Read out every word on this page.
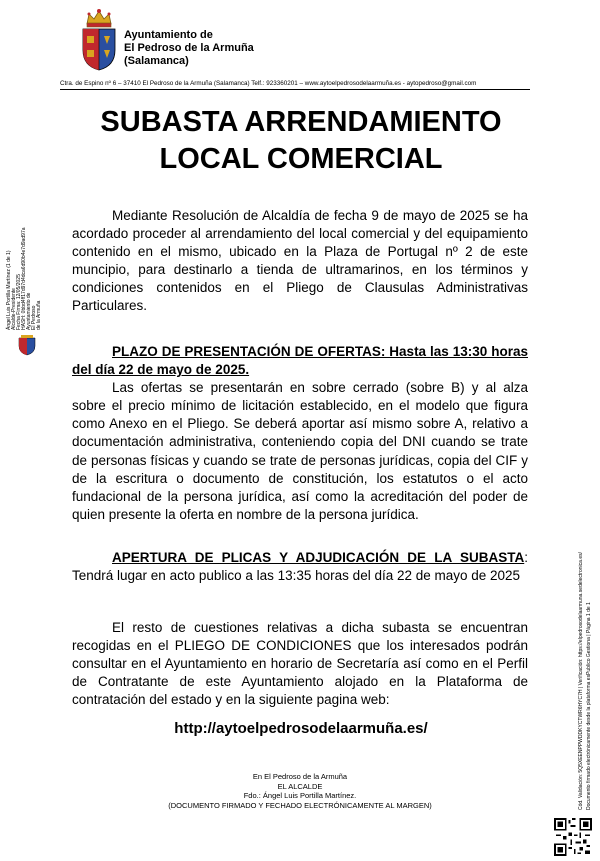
Ayuntamiento de
El Pedroso de la Armuña
(Salamanca)
Ctra. de Espino nº 6 – 37410 El Pedroso de la Armuña (Salamanca) Telf.: 923360201 – www.aytoelpedrosodelaarmuña.es - aytopedroso@gmail.com
SUBASTA ARRENDAMIENTO
LOCAL COMERCIAL
Mediante Resolución de Alcaldía de fecha 9 de mayo de 2025 se ha acordado proceder al arrendamiento del local comercial y del equipamiento contenido en el mismo, ubicado en la Plaza de Portugal nº 2 de este muncipio, para destinarlo a tienda de ultramarinos, en los términos y condiciones contenidos en el Pliego de Clausulas Administrativas Particulares.
PLAZO DE PRESENTACIÓN DE OFERTAS: Hasta las 13:30 horas del día 22 de mayo de 2025.
Las ofertas se presentarán en sobre cerrado (sobre B) y al alza sobre el precio mínimo de licitación establecido, en el modelo que figura como Anexo en el Pliego. Se deberá aportar así mismo sobre A, relativo a documentación administrativa, conteniendo copia del DNI cuando se trate de personas físicas y cuando se trate de personas jurídicas, copia del CIF y de la escritura o documento de constitución, los estatutos o el acto fundacional de la persona jurídica, así como la acreditación del poder de quien presente la oferta en nombre de la persona jurídica.
APERTURA DE PLICAS Y ADJUDICACIÓN DE LA SUBASTA: Tendrá lugar en acto publico a las 13:35 horas del día 22 de mayo de 2025
El resto de cuestiones relativas a dicha subasta se encuentran recogidas en el PLIEGO DE CONDICIONES que los interesados podrán consultar en el Ayuntamiento en horario de Secretaría así como en el Perfil de Contratante de este Ayuntamiento alojado en la Plataforma de contratación del estado y en la siguiente pagina web:
http://aytoelpedrosodelaarmuña.es/
En El Pedroso de la Armuña
EL ALCALDE
Fdo.: Ángel Luis Portilla Martínez.
(DOCUMENTO FIRMADO Y FECHADO ELECTRÓNICAMENTE AL MARGEN)
Ángel Luis Portilla Martínez (1 de 1) Alcalde-Presidente Fecha Firma: 12/05/2025 HASH: 0bbd4ff17d97d4dca6d90b4e7d9ad97a Ayuntamiento de El Pedroso de la Armuña
Cód. Validación: 5Q5XEENPPWDDKYCTWR6HYC7H | Verificación: https://elpedrosodelaarmuna.sedelectronica.es/ Documento firmado electrónicamente desde la plataforma esPublico Gestiona | Página 1 de 1
